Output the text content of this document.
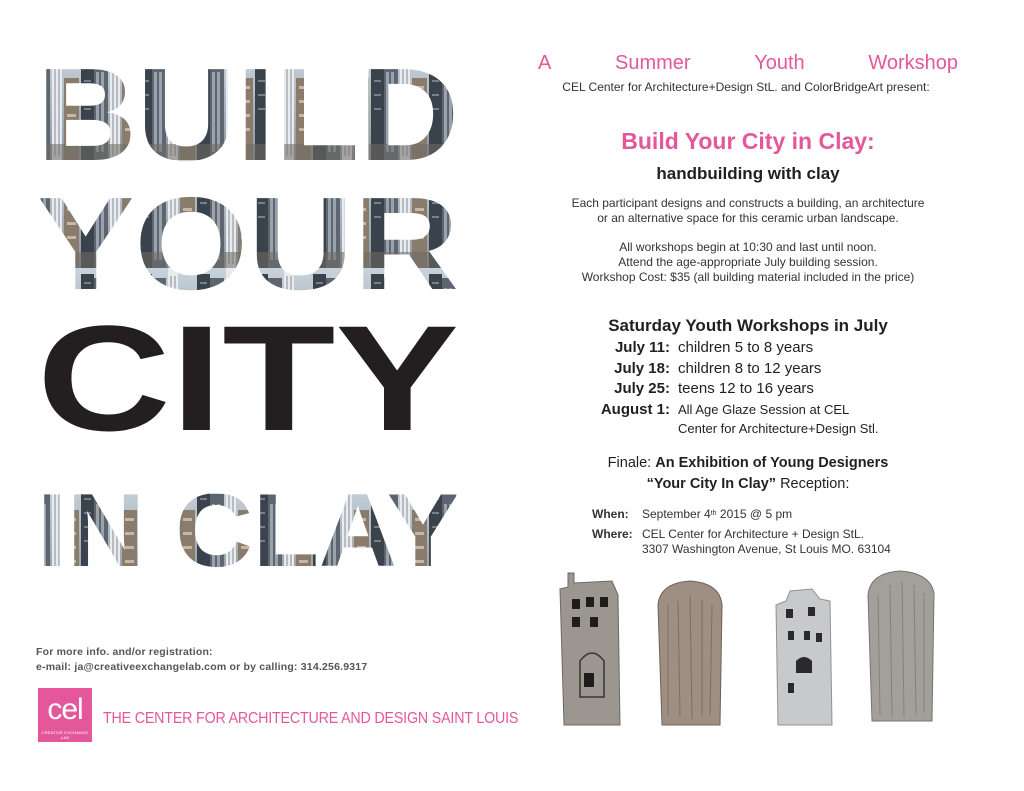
BUILD
YOUR
CITY
IN CLAY
For more info. and/or registration:
e-mail: ja@creativeexchangelab.com or by calling: 314.256.9317
cel
CREATIVE EXCHANGE LAB
THE CENTER FOR ARCHITECTURE AND DESIGN SAINT LOUIS
A	Summer	Youth	Workshop
CEL Center for Architecture+Design StL. and ColorBridgeArt present:
Build Your City in Clay:
handbuilding with clay
Each participant designs and constructs a building, an architecture
or an alternative space for this ceramic urban landscape.
All workshops begin at 10:30 and last until noon.
Attend the age-appropriate July building session.
Workshop Cost: $35 (all building material included in the price)
Saturday Youth Workshops in July
July 11: children 5 to 8 years
July 18: children 8 to 12 years
July 25: teens 12 to 16 years
August 1: All Age Glaze Session at CEL
Center for Architecture+Design Stl.
Finale: An Exhibition of Young Designers
“Your City In Clay” Reception:
When:	September 4th 2015 @ 5 pm
Where: CEL Center for Architecture + Design StL.
3307 Washington Avenue, St Louis MO. 63104
